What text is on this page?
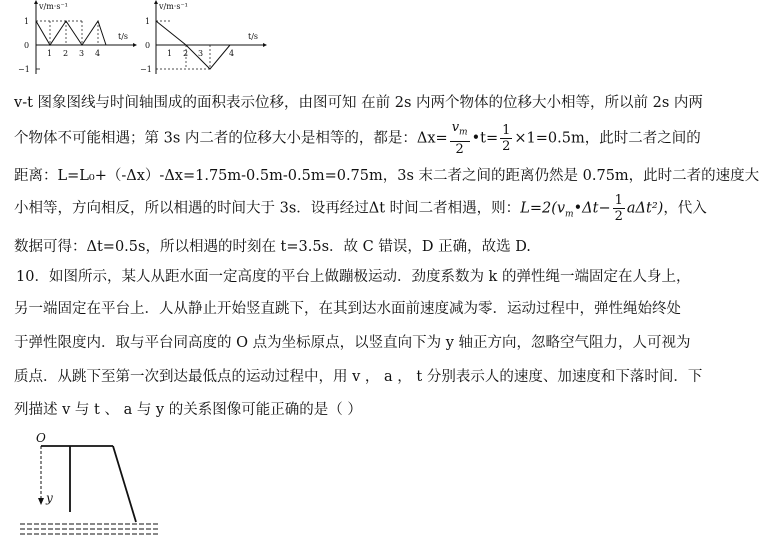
v/m·s⁻¹
t/s
1
0
−1
1 2 3 4
v/m·s⁻¹
t/s
1
0
−1
1 2 3	4
v-t 图象图线与时间轴围成的面积表示位移，由图可知 在前 2s 内两个物体的位移大小相等，所以前 2s 内两
个物体不可能相遇；第 3s 内二者的位移大小是相等的，都是：$\Delta x= \frac{v_m}{2}$ •t= $\frac{1}{2} \times 1=0.5m$，此时二者之间的
距离：L=L₀+（-Δx）-Δx=1.75m-0.5m-0.5m=0.75m，3s 末二者之间的距离仍然是 0.75m，此时二者的速度大
小相等，方向相反，所以相遇的时间大于 3s．设再经过Δt 时间二者相遇，则：$L=2(v_m•\Delta t- \frac{1}{2} a\Delta t^2)$，代入
数据可得：Δt=0.5s，所以相遇的时刻在 t=3.5s．故 C 错误，D 正确，故选 D.
10．如图所示，某人从距水面一定高度的平台上做蹦极运动．劲度系数为 k 的弹性绳一端固定在人身上，
另一端固定在平台上．人从静止开始竖直跳下，在其到达水面前速度减为零．运动过程中，弹性绳始终处
于弹性限度内．取与平台同高度的 O 点为坐标原点，以竖直向下为 y 轴正方向，忽略空气阻力，人可视为
质点．从跳下至第一次到达最低点的运动过程中，用 v ， a ， t 分别表示人的速度、加速度和下落时间．下
列描述 v 与 t 、 a 与 y 的关系图像可能正确的是（ ）
O
y
